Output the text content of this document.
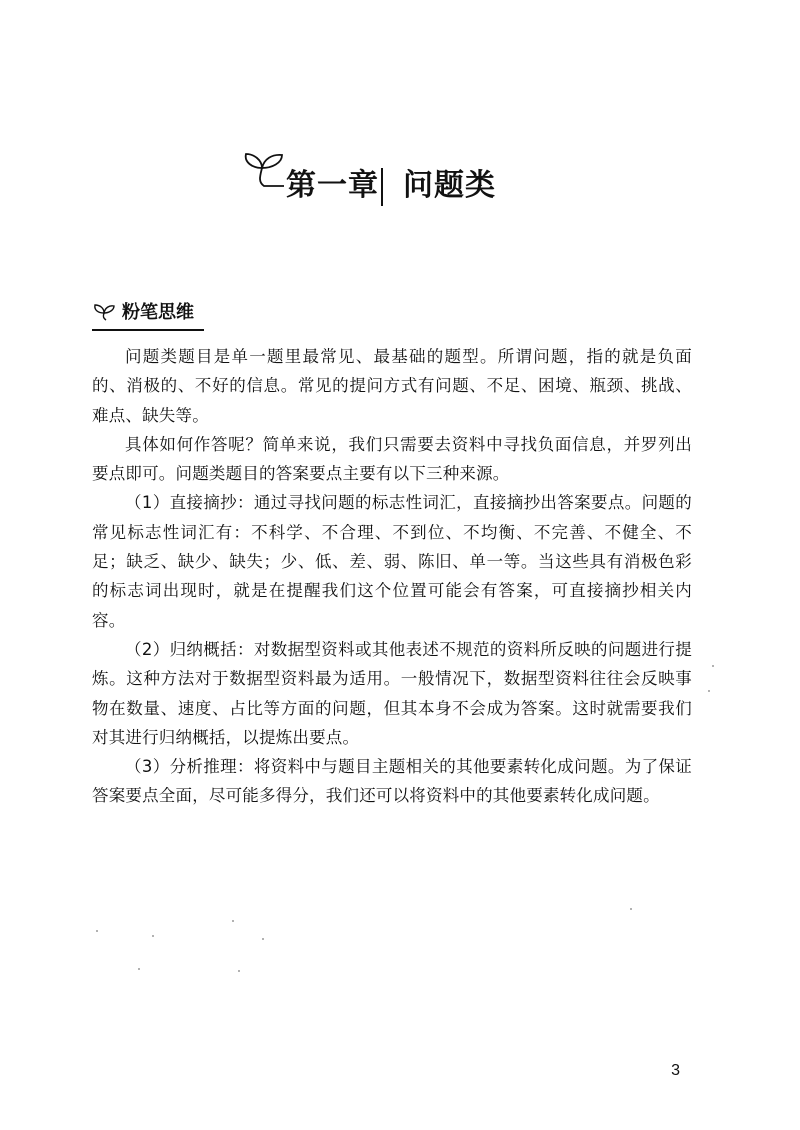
第一章 问题类
粉笔思维

问题类题目是单一题里最常见、最基础的题型。所谓问题，指的就是负面的、消极的、不好的信息。常见的提问方式有问题、不足、困境、瓶颈、挑战、难点、缺失等。

具体如何作答呢？简单来说，我们只需要去资料中寻找负面信息，并罗列出要点即可。问题类题目的答案要点主要有以下三种来源。

（1）直接摘抄：通过寻找问题的标志性词汇，直接摘抄出答案要点。问题的常见标志性词汇有：不科学、不合理、不到位、不均衡、不完善、不健全、不足；缺乏、缺少、缺失；少、低、差、弱、陈旧、单一等。当这些具有消极色彩的标志词出现时，就是在提醒我们这个位置可能会有答案，可直接摘抄相关内容。

（2）归纳概括：对数据型资料或其他表述不规范的资料所反映的问题进行提炼。这种方法对于数据型资料最为适用。一般情况下，数据型资料往往会反映事物在数量、速度、占比等方面的问题，但其本身不会成为答案。这时就需要我们对其进行归纳概括，以提炼出要点。

（3）分析推理：将资料中与题目主题相关的其他要素转化成问题。为了保证答案要点全面，尽可能多得分，我们还可以将资料中的其他要素转化成问题。

3
